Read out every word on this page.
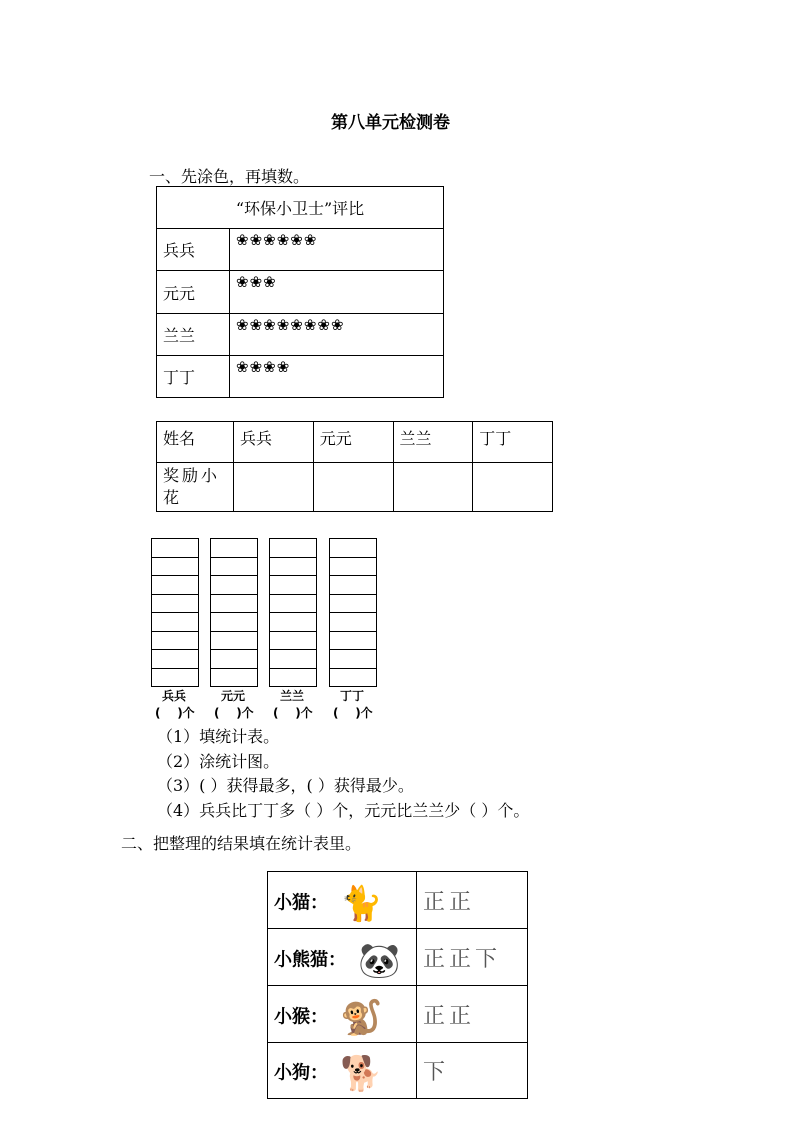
第八单元检测卷
一、先涂色，再填数。
“环保小卫士”评比	
兵兵	❀❀❀❀❀❀
元元	❀❀❀
兰兰	❀❀❀❀❀❀❀❀
丁丁	❀❀❀❀
姓名	兵兵	元元	兰兰	丁丁
奖励小花				
兵兵
(    )个
元元
(    )个
兰兰
(    )个
丁丁
(    )个
（1）填统计表。
（2）涂统计图。
（3）( ）获得最多，( ）获得最少。
（4）兵兵比丁丁多（ ）个，元元比兰兰少（ ）个。
二、把整理的结果填在统计表里。
小猫： 🐈	正正
小熊猫： 🐼	正正下
小猴： 🐒	正正
小狗： 🐕	下
